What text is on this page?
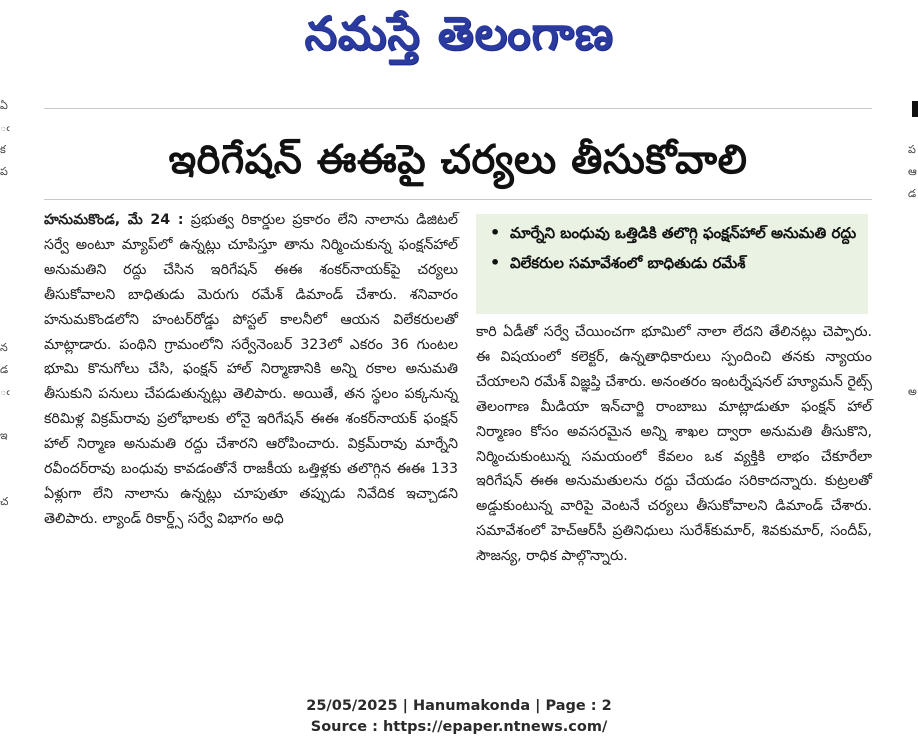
నమస్తే తెలంగాణ
ఏ
ఁ
క
ప

న
డ
ఁ

ఇ

చ

ప
ఆ
డ

అ

ఇరిగేషన్ ఈఈపై చర్యలు తీసుకోవాలి
హనుమకొండ, మే 24 : ప్రభుత్వ రికార్డుల ప్రకారం లేని నాలాను డిజిటల్ సర్వే అంటూ మ్యాప్‌లో ఉన్నట్లు చూపిస్తూ తాను నిర్మించుకున్న ఫంక్షన్‌హాల్ అనుమతిని రద్దు చేసిన ఇరిగేషన్ ఈఈ శంకర్‌నాయక్‌పై చర్యలు తీసుకోవాలని బాధితుడు మెరుగు రమేశ్ డిమాండ్ చేశారు. శనివారం హనుమకొండలోని హంటర్‌రోడ్డు పోస్టల్ కాలనీలో ఆయన విలేకరులతో మాట్లాడారు. పంథిని గ్రామంలోని సర్వేనెంబర్ 323లో ఎకరం 36 గుంటల భూమి కొనుగోలు చేసి, ఫంక్షన్ హాల్ నిర్మాణానికి అన్ని రకాల అనుమతి తీసుకుని పనులు చేపడుతున్నట్లు తెలిపారు. అయితే, తన స్థలం పక్కనున్న కరిమిళ్ల విక్రమ్‌రావు ప్రలోభాలకు లోనై ఇరిగేషన్ ఈఈ శంకర్‌నాయక్ ఫంక్షన్ హాల్ నిర్మాణ అనుమతి రద్దు చేశారని ఆరోపించారు. విక్రమ్‌రావు మార్నేని రవీందర్‌రావు బంధువు కావడంతోనే రాజకీయ ఒత్తిళ్లకు తలొగ్గిన ఈఈ 133 ఏళ్లుగా లేని నాలాను ఉన్నట్లు చూపుతూ తప్పుడు నివేదిక ఇచ్చాడని తెలిపారు. ల్యాండ్ రికార్డ్స్ సర్వే విభాగం అధి
• మార్నేని బంధువు ఒత్తిడికి తలొగ్గి ఫంక్షన్‌హాల్ అనుమతి రద్దు
• విలేకరుల సమావేశంలో బాధితుడు రమేశ్
కారి ఏడీతో సర్వే చేయించగా భూమిలో నాలా లేదని తేలినట్లు చెప్పారు. ఈ విషయంలో కలెక్టర్, ఉన్నతాధికారులు స్పందించి తనకు న్యాయం చేయాలని రమేశ్ విజ్ఞప్తి చేశారు. అనంతరం ఇంటర్నేషనల్ హ్యూమన్ రైట్స్ తెలంగాణ మీడియా ఇన్‌చార్జి రాంబాబు మాట్లాడుతూ ఫంక్షన్ హాల్ నిర్మాణం కోసం అవసరమైన అన్ని శాఖల ద్వారా అనుమతి తీసుకొని, నిర్మించుకుంటున్న సమయంలో కేవలం ఒక వ్యక్తికి లాభం చేకూరేలా ఇరిగేషన్ ఈఈ అనుమతులను రద్దు చేయడం సరికాదన్నారు. కుట్రలతో అడ్డుకుంటున్న వారిపై వెంటనే చర్యలు తీసుకోవాలని డిమాండ్ చేశారు. సమావేశంలో హెచ్‌ఆర్‌సీ ప్రతినిధులు సురేశ్‌కుమార్, శివకుమార్, సందీప్, సౌజన్య, రాధిక పాల్గొన్నారు.
25/05/2025 | Hanumakonda | Page : 2
Source : https://epaper.ntnews.com/
